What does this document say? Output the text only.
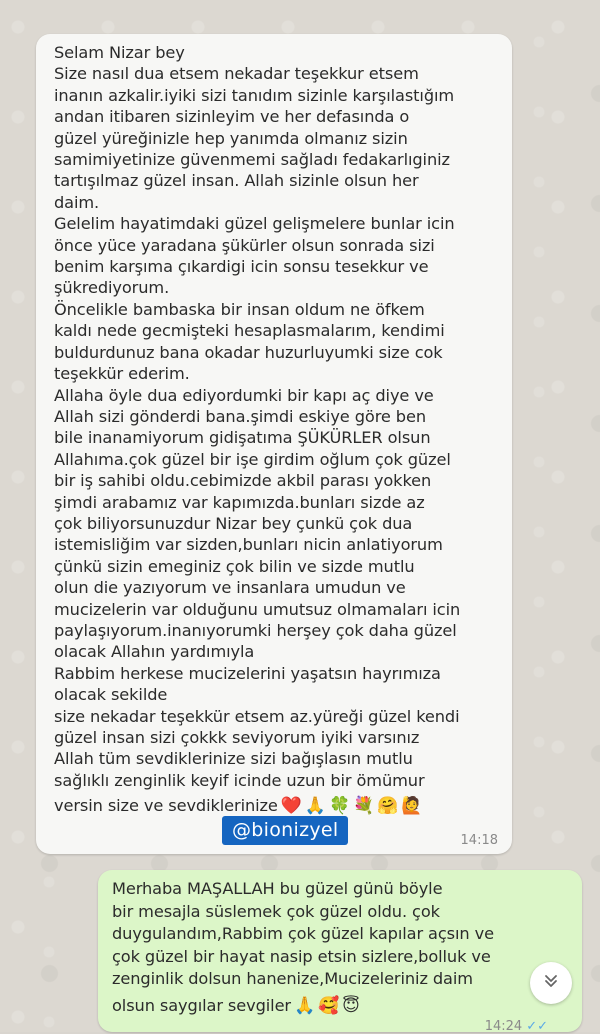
Selam Nizar bey
Size nasıl dua etsem nekadar teşekkur etsem
inanın azkalir.iyiki sizi tanıdım sizinle karşılastığım
andan itibaren sizinleyim ve her defasında o
güzel yüreğinizle hep yanımda olmanız sizin
samimiyetinize güvenmemi sağladı fedakarlıginiz
tartışılmaz güzel insan. Allah sizinle olsun her
daim.
Gelelim hayatimdaki güzel gelişmelere bunlar icin
önce yüce yaradana şükürler olsun sonrada sizi
benim karşıma çıkardigi icin sonsu tesekkur ve
şükrediyorum.
Öncelikle bambaska bir insan oldum ne öfkem
kaldı nede gecmişteki hesaplasmalarım, kendimi
buldurdunuz bana okadar huzurluyumki size cok
teşekkür ederim.
Allaha öyle dua ediyordumki bir kapı aç diye ve
Allah sizi gönderdi bana.şimdi eskiye göre ben
bile inanamiyorum gidişatıma ŞÜKÜRLER olsun
Allahıma.çok güzel bir işe girdim oğlum çok güzel
bir iş sahibi oldu.cebimizde akbil parası yokken
şimdi arabamız var kapımızda.bunları sizde az
çok biliyorsunuzdur Nizar bey çunkü çok dua
istemisliğim var sizden,bunları nicin anlatiyorum
çünkü sizin emeginiz çok bilin ve sizde mutlu
olun die yazıyorum ve insanlara umudun ve
mucizelerin var olduğunu umutsuz olmamaları icin
paylaşıyorum.inanıyorumki herşey çok daha güzel
olacak Allahın yardımıyla
Rabbim herkese mucizelerini yaşatsın hayrımıza
olacak sekilde
size nekadar teşekkür etsem az.yüreği güzel kendi
güzel insan sizi çokkk seviyorum iyiki varsınız
Allah tüm sevdiklerinize sizi bağışlasın mutlu
sağlıklı zenginlik keyif icinde uzun bir ömümur
versin size ve sevdiklerinize ❤️ 🙏 🍀 💐 🤗 🙋
@bionizyel	14:18
Merhaba MAŞALLAH bu güzel günü böyle
bir mesajla süslemek çok güzel oldu. çok
duygulandım,Rabbim çok güzel kapılar açsın ve
çok güzel bir hayat nasip etsin sizlere,bolluk ve
zenginlik dolsun hanenize,Mucizeleriniz daim
olsun saygılar sevgiler 🙏 🥰 😇
14:24 ✓✓
